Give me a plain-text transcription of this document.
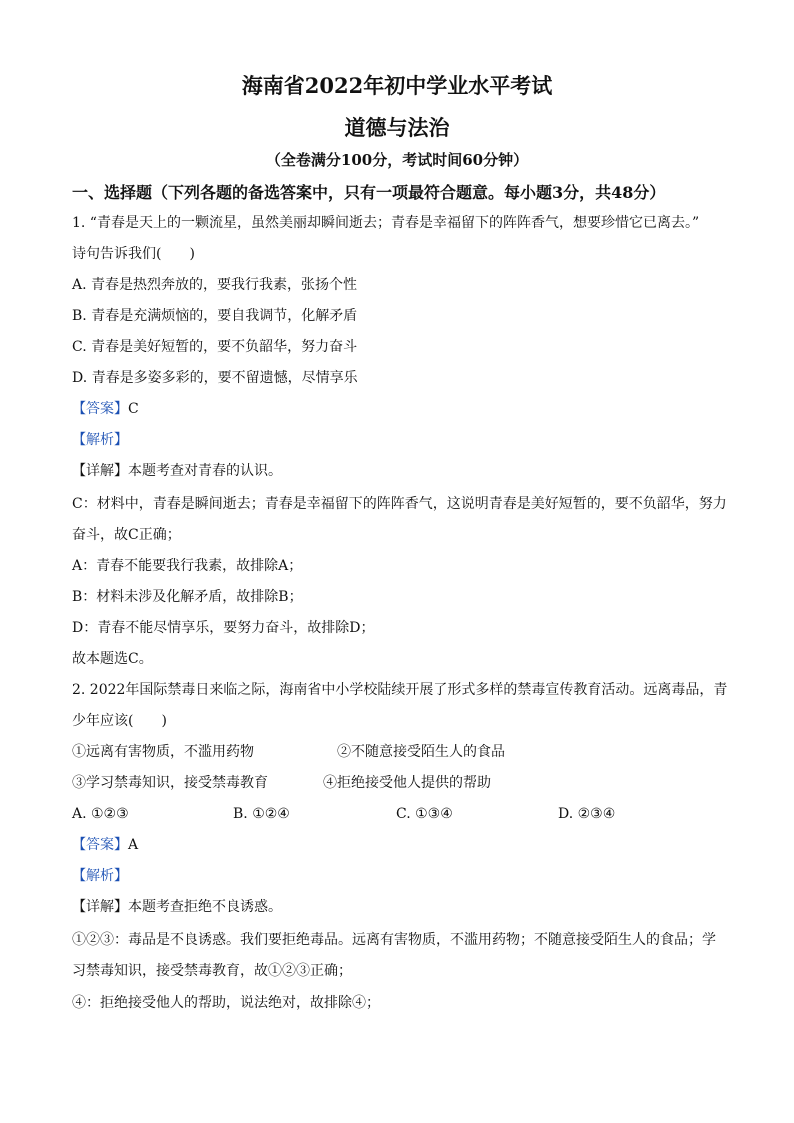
海南省2022年初中学业水平考试
道德与法治
（全卷满分100分，考试时间60分钟）
一、选择题（下列各题的备选答案中，只有一项最符合题意。每小题3分，共48分）
1. “青春是天上的一颗流星，虽然美丽却瞬间逝去；青春是幸福留下的阵阵香气，想要珍惜它已离去。”
诗句告诉我们(　　)
A. 青春是热烈奔放的，要我行我素，张扬个性
B. 青春是充满烦恼的，要自我调节，化解矛盾
C. 青春是美好短暂的，要不负韶华，努力奋斗
D. 青春是多姿多彩的，要不留遗憾，尽情享乐
【答案】C
【解析】
【详解】本题考查对青春的认识。
C：材料中，青春是瞬间逝去；青春是幸福留下的阵阵香气，这说明青春是美好短暂的，要不负韶华，努力
奋斗，故C正确；
A：青春不能要我行我素，故排除A；
B：材料未涉及化解矛盾，故排除B；
D：青春不能尽情享乐，要努力奋斗，故排除D；
故本题选C。
2. 2022年国际禁毒日来临之际，海南省中小学校陆续开展了形式多样的禁毒宣传教育活动。远离毒品，青
少年应该(　　)
①远离有害物质，不滥用药物	②不随意接受陌生人的食品
③学习禁毒知识，接受禁毒教育	④拒绝接受他人提供的帮助
A. ①②③	B. ①②④	C. ①③④	D. ②③④
【答案】A
【解析】
【详解】本题考查拒绝不良诱惑。
①②③：毒品是不良诱惑。我们要拒绝毒品。远离有害物质，不滥用药物；不随意接受陌生人的食品；学
习禁毒知识，接受禁毒教育，故①②③正确；
④：拒绝接受他人的帮助，说法绝对，故排除④；
